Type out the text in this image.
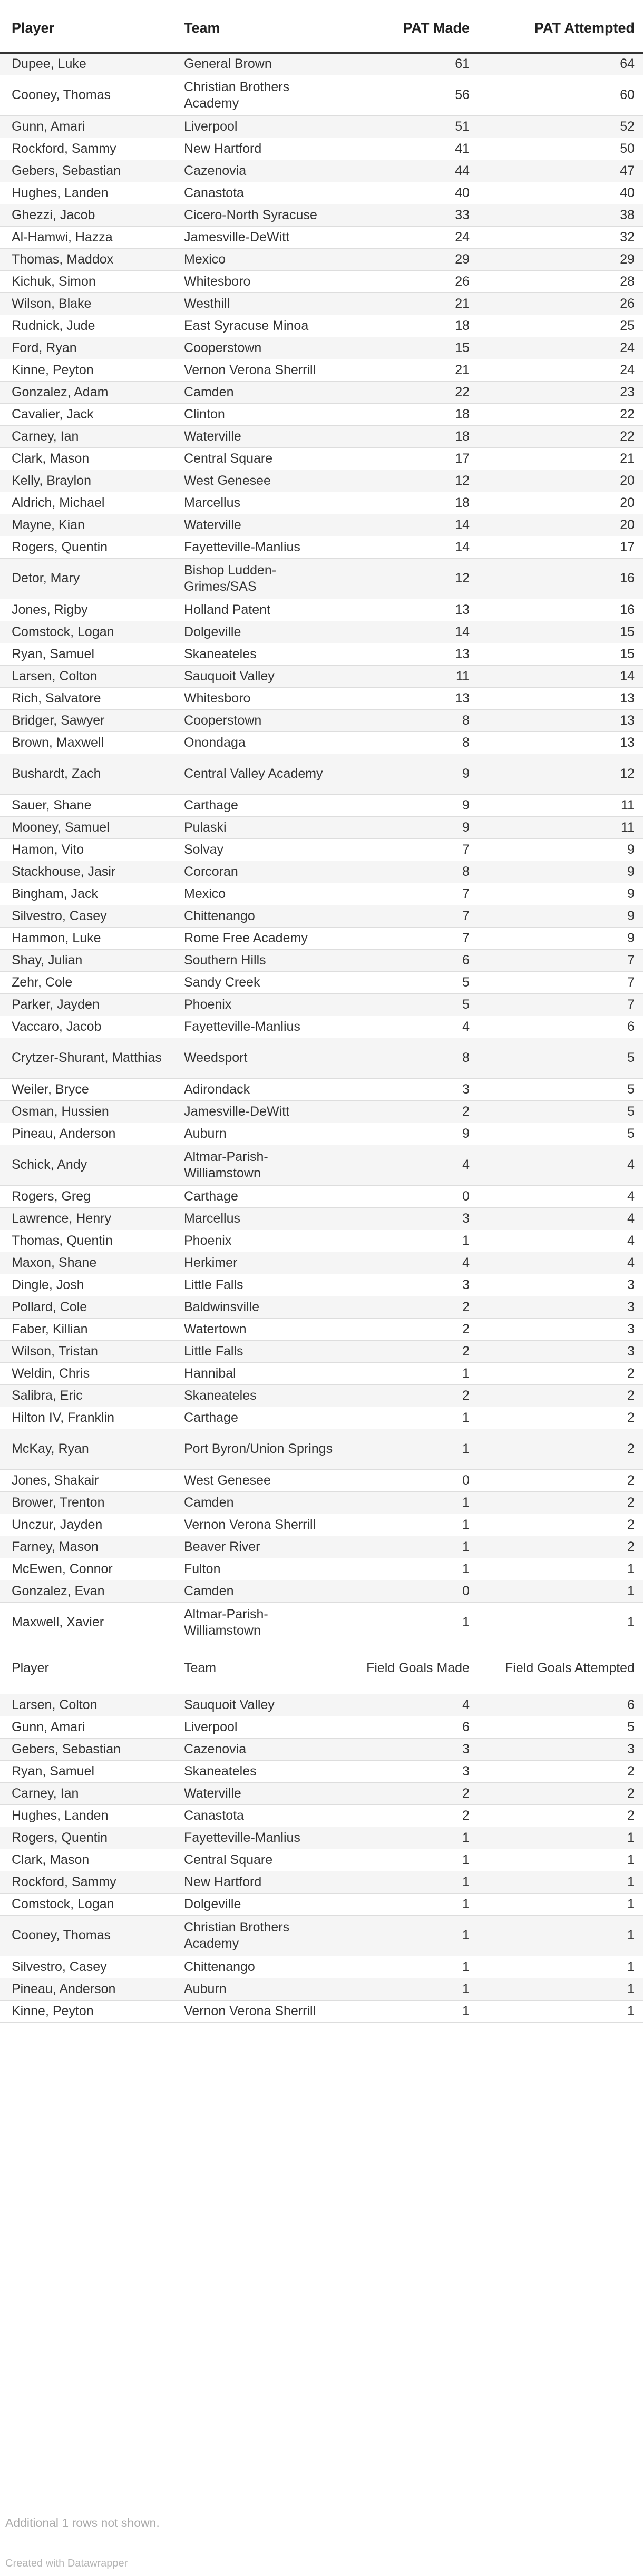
Player	Team	PAT Made	PAT Attempted
Dupee, Luke	General Brown	61	64
Cooney, Thomas	Christian Brothers Academy	56	60
Gunn, Amari	Liverpool	51	52
Rockford, Sammy	New Hartford	41	50
Gebers, Sebastian	Cazenovia	44	47
Hughes, Landen	Canastota	40	40
Ghezzi, Jacob	Cicero-North Syracuse	33	38
Al-Hamwi, Hazza	Jamesville-DeWitt	24	32
Thomas, Maddox	Mexico	29	29
Kichuk, Simon	Whitesboro	26	28
Wilson, Blake	Westhill	21	26
Rudnick, Jude	East Syracuse Minoa	18	25
Ford, Ryan	Cooperstown	15	24
Kinne, Peyton	Vernon Verona Sherrill	21	24
Gonzalez, Adam	Camden	22	23
Cavalier, Jack	Clinton	18	22
Carney, Ian	Waterville	18	22
Clark, Mason	Central Square	17	21
Kelly, Braylon	West Genesee	12	20
Aldrich, Michael	Marcellus	18	20
Mayne, Kian	Waterville	14	20
Rogers, Quentin	Fayetteville-Manlius	14	17
Detor, Mary	Bishop Ludden-Grimes/SAS	12	16
Jones, Rigby	Holland Patent	13	16
Comstock, Logan	Dolgeville	14	15
Ryan, Samuel	Skaneateles	13	15
Larsen, Colton	Sauquoit Valley	11	14
Rich, Salvatore	Whitesboro	13	13
Bridger, Sawyer	Cooperstown	8	13
Brown, Maxwell	Onondaga	8	13
Bushardt, Zach	Central Valley Academy	9	12
Sauer, Shane	Carthage	9	11
Mooney, Samuel	Pulaski	9	11
Hamon, Vito	Solvay	7	9
Stackhouse, Jasir	Corcoran	8	9
Bingham, Jack	Mexico	7	9
Silvestro, Casey	Chittenango	7	9
Hammon, Luke	Rome Free Academy	7	9
Shay, Julian	Southern Hills	6	7
Zehr, Cole	Sandy Creek	5	7
Parker, Jayden	Phoenix	5	7
Vaccaro, Jacob	Fayetteville-Manlius	4	6
Crytzer-Shurant, Matthias	Weedsport	8	5
Weiler, Bryce	Adirondack	3	5
Osman, Hussien	Jamesville-DeWitt	2	5
Pineau, Anderson	Auburn	9	5
Schick, Andy	Altmar-Parish-Williamstown	4	4
Rogers, Greg	Carthage	0	4
Lawrence, Henry	Marcellus	3	4
Thomas, Quentin	Phoenix	1	4
Maxon, Shane	Herkimer	4	4
Dingle, Josh	Little Falls	3	3
Pollard, Cole	Baldwinsville	2	3
Faber, Killian	Watertown	2	3
Wilson, Tristan	Little Falls	2	3
Weldin, Chris	Hannibal	1	2
Salibra, Eric	Skaneateles	2	2
Hilton IV, Franklin	Carthage	1	2
McKay, Ryan	Port Byron/Union Springs	1	2
Jones, Shakair	West Genesee	0	2
Brower, Trenton	Camden	1	2
Unczur, Jayden	Vernon Verona Sherrill	1	2
Farney, Mason	Beaver River	1	2
McEwen, Connor	Fulton	1	1
Gonzalez, Evan	Camden	0	1
Maxwell, Xavier	Altmar-Parish-Williamstown	1	1
Player	Team	Field Goals Made	Field Goals Attempted
Larsen, Colton	Sauquoit Valley	4	6
Gunn, Amari	Liverpool	6	5
Gebers, Sebastian	Cazenovia	3	3
Ryan, Samuel	Skaneateles	3	2
Carney, Ian	Waterville	2	2
Hughes, Landen	Canastota	2	2
Rogers, Quentin	Fayetteville-Manlius	1	1
Clark, Mason	Central Square	1	1
Rockford, Sammy	New Hartford	1	1
Comstock, Logan	Dolgeville	1	1
Cooney, Thomas	Christian Brothers Academy	1	1
Silvestro, Casey	Chittenango	1	1
Pineau, Anderson	Auburn	1	1
Kinne, Peyton	Vernon Verona Sherrill	1	1
Additional 1 rows not shown.
Created with Datawrapper
